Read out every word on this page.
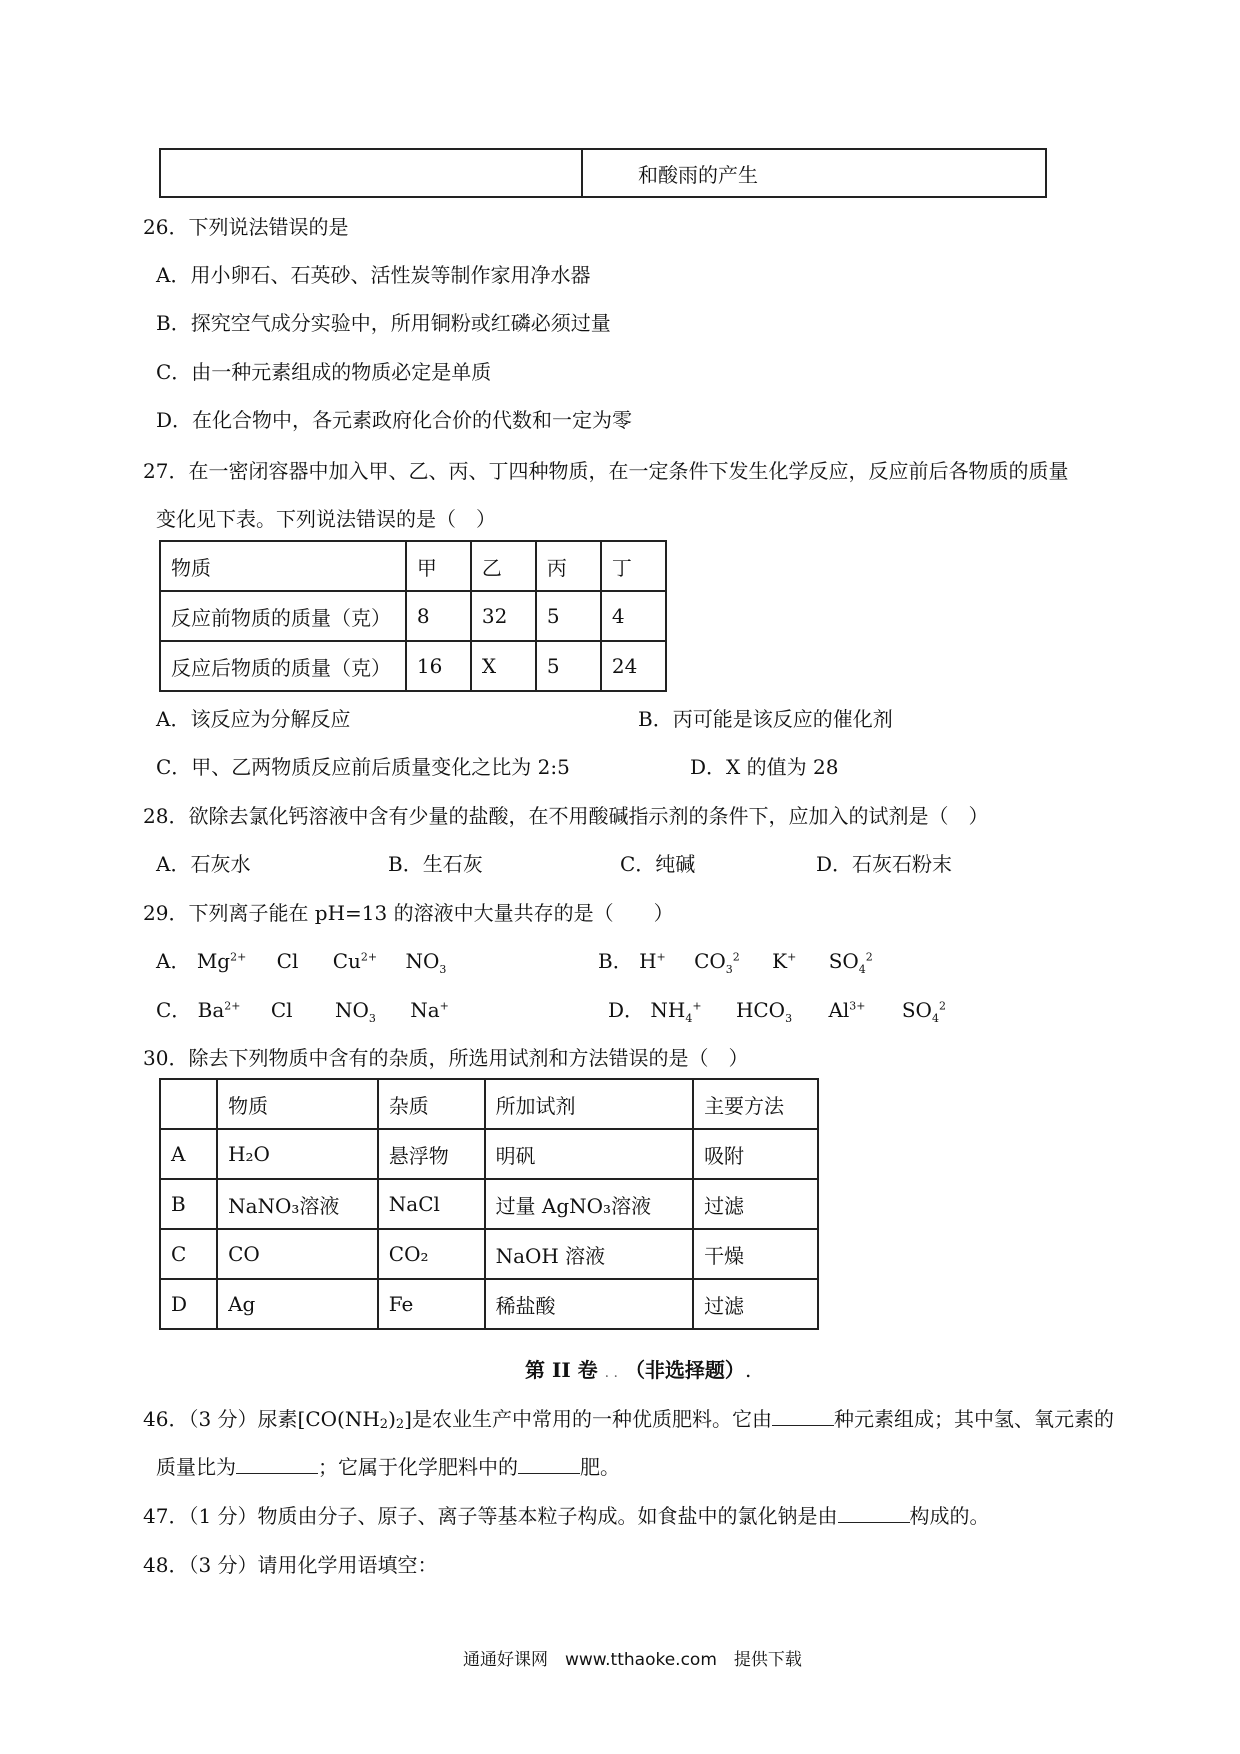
	和酸雨的产生
26．下列说法错误的是
A．用小卵石、石英砂、活性炭等制作家用净水器
B．探究空气成分实验中，所用铜粉或红磷必须过量
C．由一种元素组成的物质必定是单质
D．在化合物中，各元素政府化合价的代数和一定为零
27．在一密闭容器中加入甲、乙、丙、丁四种物质，在一定条件下发生化学反应，反应前后各物质的质量
变化见下表。下列说法错误的是（　）
物质	甲	乙	丙	丁
反应前物质的质量（克）	8	32	5	4
反应后物质的质量（克）	16	X	5	24
A．该反应为分解反应	B．丙可能是该反应的催化剂
C．甲、乙两物质反应前后质量变化之比为 2:5	D．X 的值为 28
28．欲除去氯化钙溶液中含有少量的盐酸，在不用酸碱指示剂的条件下，应加入的试剂是（　）
A．石灰水	B．生石灰	C．纯碱	D．石灰石粉末
29．下列离子能在 pH=13 的溶液中大量共存的是（　　）
A． $Mg^{2+}$ Cl $Cu^{2+}$ $NO_3$	B． H+ $CO_3^2$ K+ $SO_4^2$
C． $Ba^{2+}$ Cl $NO_3$ Na+	D． $NH_4^+$ $HCO_3$ $Al^{3+}$ $SO_4^2$
30．除去下列物质中含有的杂质，所选用试剂和方法错误的是（　）
	物质	杂质	所加试剂	主要方法
A	H₂O	悬浮物	明矾	吸附
B	NaNO₃溶液	NaCl	过量 AgNO₃溶液	过滤
C	CO	CO₂	NaOH 溶液	干燥
D	Ag	Fe	稀盐酸	过滤
第 II 卷 . . （非选择题）.
46．（3 分）尿素[CO(NH2)2]是农业生产中常用的一种优质肥料。它由	种元素组成；其中氢、氧元素的
质量比为	；它属于化学肥料中的	肥。
47．（1 分）物质由分子、原子、离子等基本粒子构成。如食盐中的氯化钠是由	构成的。
48．（3 分）请用化学用语填空：
通通好课网　www.tthaoke.com　提供下载
